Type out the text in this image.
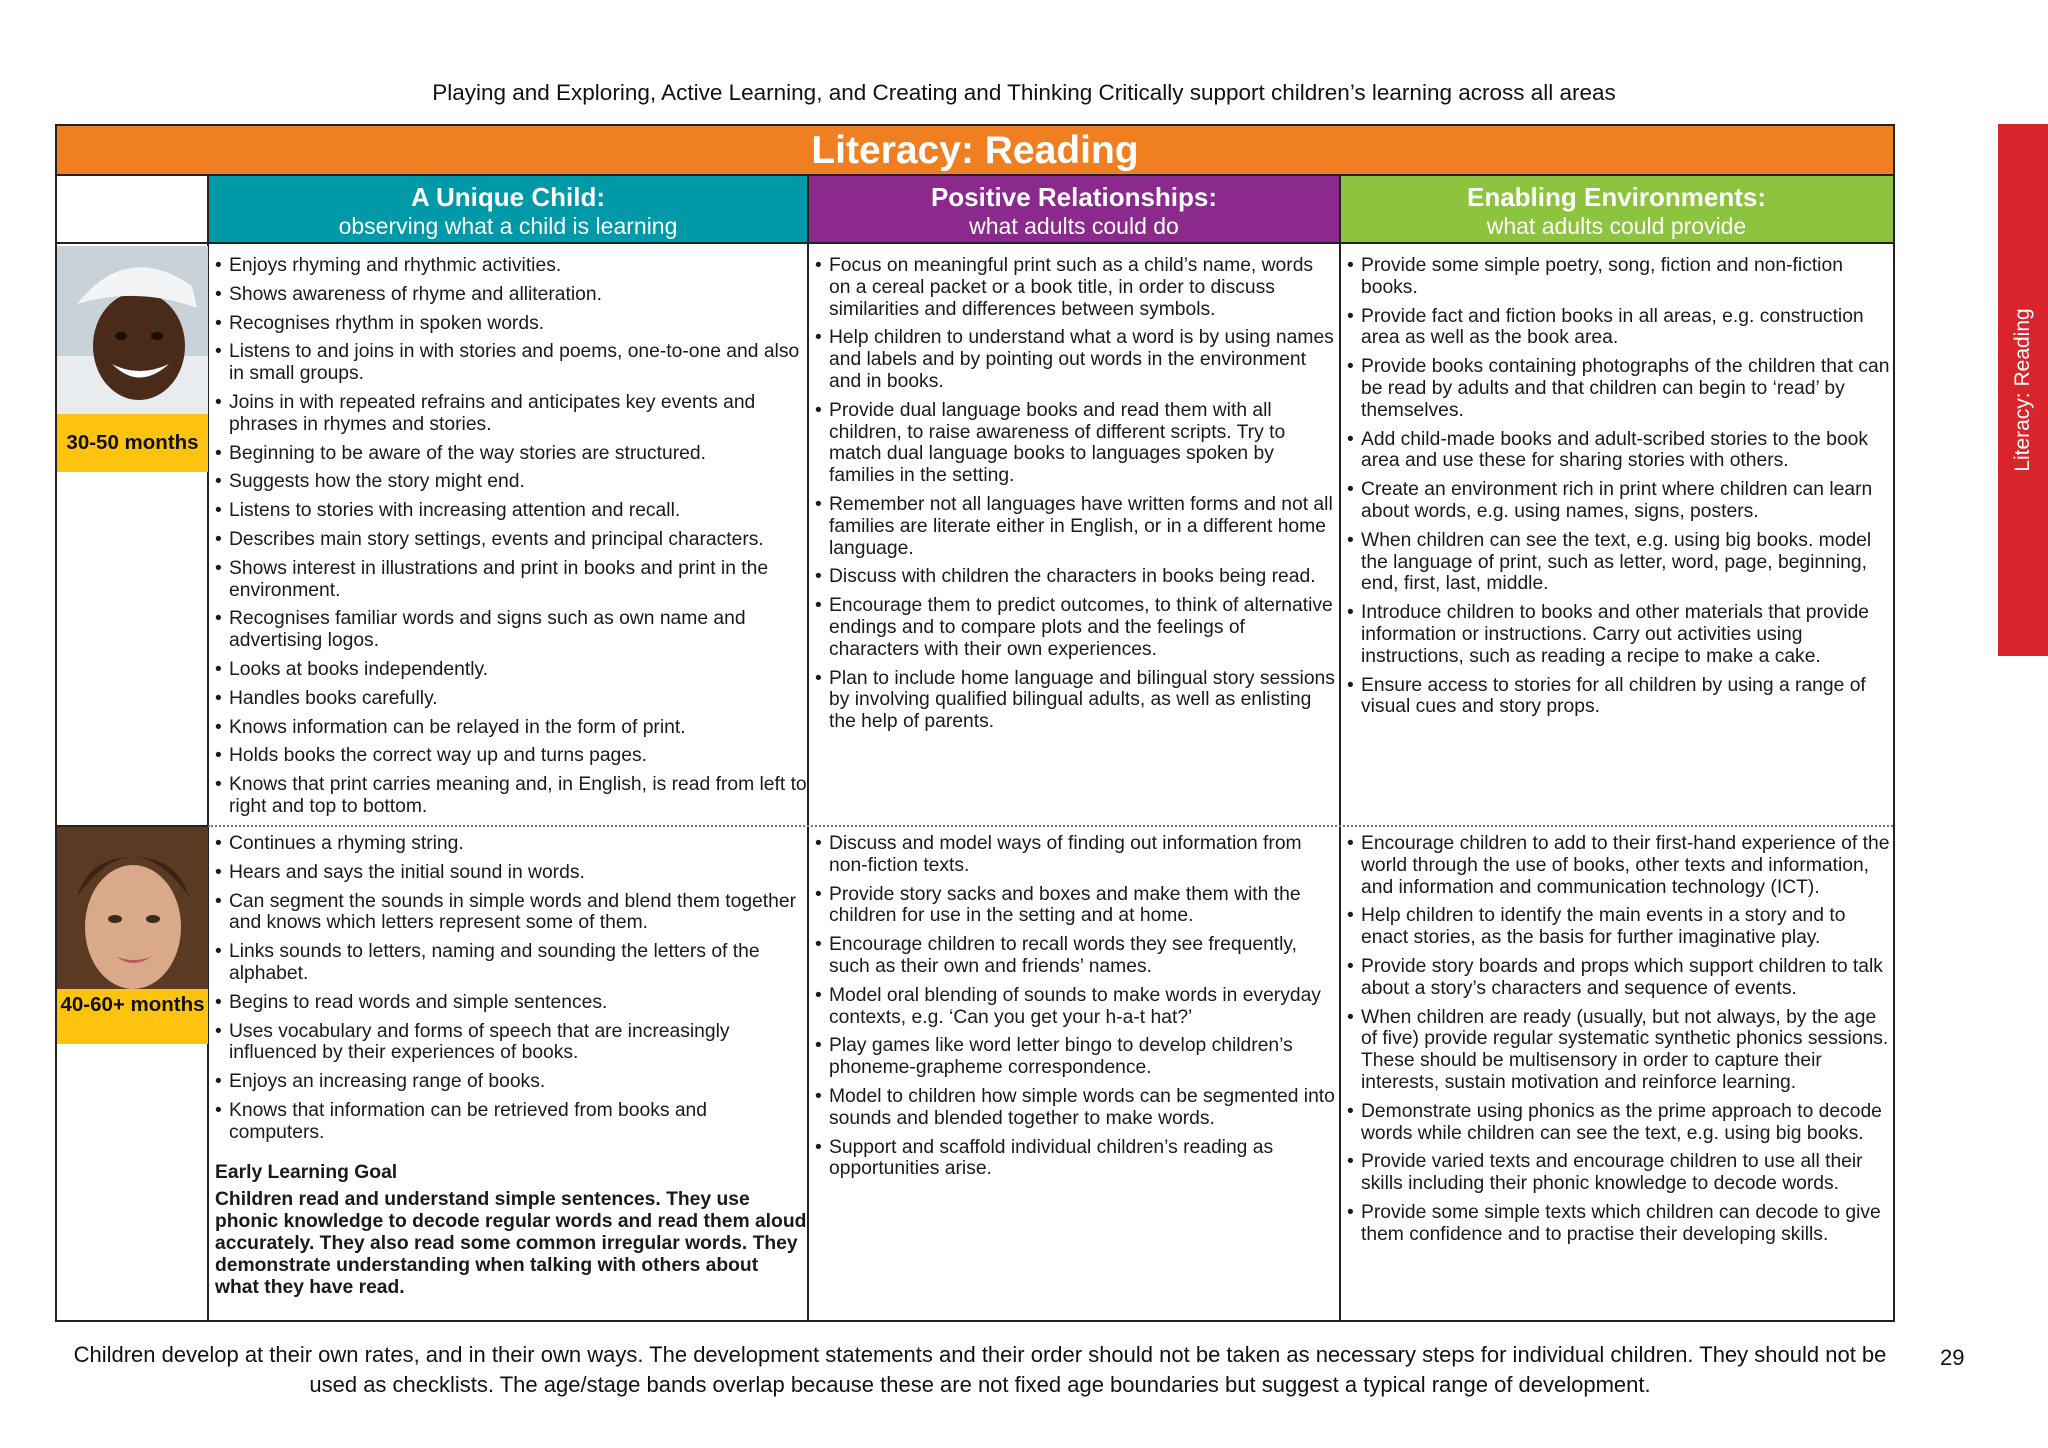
Playing and Exploring, Active Learning, and Creating and Thinking Critically support children’s learning across all areas
Literacy: Reading
Literacy: Reading
A Unique Child:
observing what a child is learning
Positive Relationships:
what adults could do
Enabling Environments:
what adults could provide
30-50 months
40-60+ months
• Enjoys rhyming and rhythmic activities.
• Shows awareness of rhyme and alliteration.
• Recognises rhythm in spoken words.
• Listens to and joins in with stories and poems, one-to-one and also in small groups.
• Joins in with repeated refrains and anticipates key events and phrases in rhymes and stories.
• Beginning to be aware of the way stories are structured.
• Suggests how the story might end.
• Listens to stories with increasing attention and recall.
• Describes main story settings, events and principal characters.
• Shows interest in illustrations and print in books and print in the environment.
• Recognises familiar words and signs such as own name and advertising logos.
• Looks at books independently.
• Handles books carefully.
• Knows information can be relayed in the form of print.
• Holds books the correct way up and turns pages.
• Knows that print carries meaning and, in English, is read from left to right and top to bottom.
• Focus on meaningful print such as a child’s name, words on a cereal packet or a book title, in order to discuss similarities and differences between symbols.
• Help children to understand what a word is by using names and labels and by pointing out words in the environment and in books.
• Provide dual language books and read them with all children, to raise awareness of different scripts. Try to match dual language books to languages spoken by families in the setting.
• Remember not all languages have written forms and not all families are literate either in English, or in a different home language.
• Discuss with children the characters in books being read.
• Encourage them to predict outcomes, to think of alternative endings and to compare plots and the feelings of characters with their own experiences.
• Plan to include home language and bilingual story sessions by involving qualified bilingual adults, as well as enlisting the help of parents.
• Provide some simple poetry, song, fiction and non-fiction books.
• Provide fact and fiction books in all areas, e.g. construction area as well as the book area.
• Provide books containing photographs of the children that can be read by adults and that children can begin to ‘read’ by themselves.
• Add child-made books and adult-scribed stories to the book area and use these for sharing stories with others.
• Create an environment rich in print where children can learn about words, e.g. using names, signs, posters.
• When children can see the text, e.g. using big books. model the language of print, such as letter, word, page, beginning, end, first, last, middle.
• Introduce children to books and other materials that provide information or instructions. Carry out activities using instructions, such as reading a recipe to make a cake.
• Ensure access to stories for all children by using a range of visual cues and story props.
• Continues a rhyming string.
• Hears and says the initial sound in words.
• Can segment the sounds in simple words and blend them together and knows which letters represent some of them.
• Links sounds to letters, naming and sounding the letters of the alphabet.
• Begins to read words and simple sentences.
• Uses vocabulary and forms of speech that are increasingly influenced by their experiences of books.
• Enjoys an increasing range of books.
• Knows that information can be retrieved from books and computers.
Early Learning Goal
Children read and understand simple sentences. They use phonic knowledge to decode regular words and read them aloud accurately. They also read some common irregular words. They demonstrate understanding when talking with others about what they have read.
• Discuss and model ways of finding out information from non-fiction texts.
• Provide story sacks and boxes and make them with the children for use in the setting and at home.
• Encourage children to recall words they see frequently, such as their own and friends’ names.
• Model oral blending of sounds to make words in everyday contexts, e.g. ‘Can you get your h-a-t hat?’
• Play games like word letter bingo to develop children’s phoneme-grapheme correspondence.
• Model to children how simple words can be segmented into sounds and blended together to make words.
• Support and scaffold individual children’s reading as opportunities arise.
• Encourage children to add to their first-hand experience of the world through the use of books, other texts and information, and information and communication technology (ICT).
• Help children to identify the main events in a story and to enact stories, as the basis for further imaginative play.
• Provide story boards and props which support children to talk about a story’s characters and sequence of events.
• When children are ready (usually, but not always, by the age of five) provide regular systematic synthetic phonics sessions. These should be multisensory in order to capture their interests, sustain motivation and reinforce learning.
• Demonstrate using phonics as the prime approach to decode words while children can see the text, e.g. using big books.
• Provide varied texts and encourage children to use all their skills including their phonic knowledge to decode words.
• Provide some simple texts which children can decode to give them confidence and to practise their developing skills.
Children develop at their own rates, and in their own ways. The development statements and their order should not be taken as necessary steps for individual children. They should not be used as checklists. The age/stage bands overlap because these are not fixed age boundaries but suggest a typical range of development.
29
